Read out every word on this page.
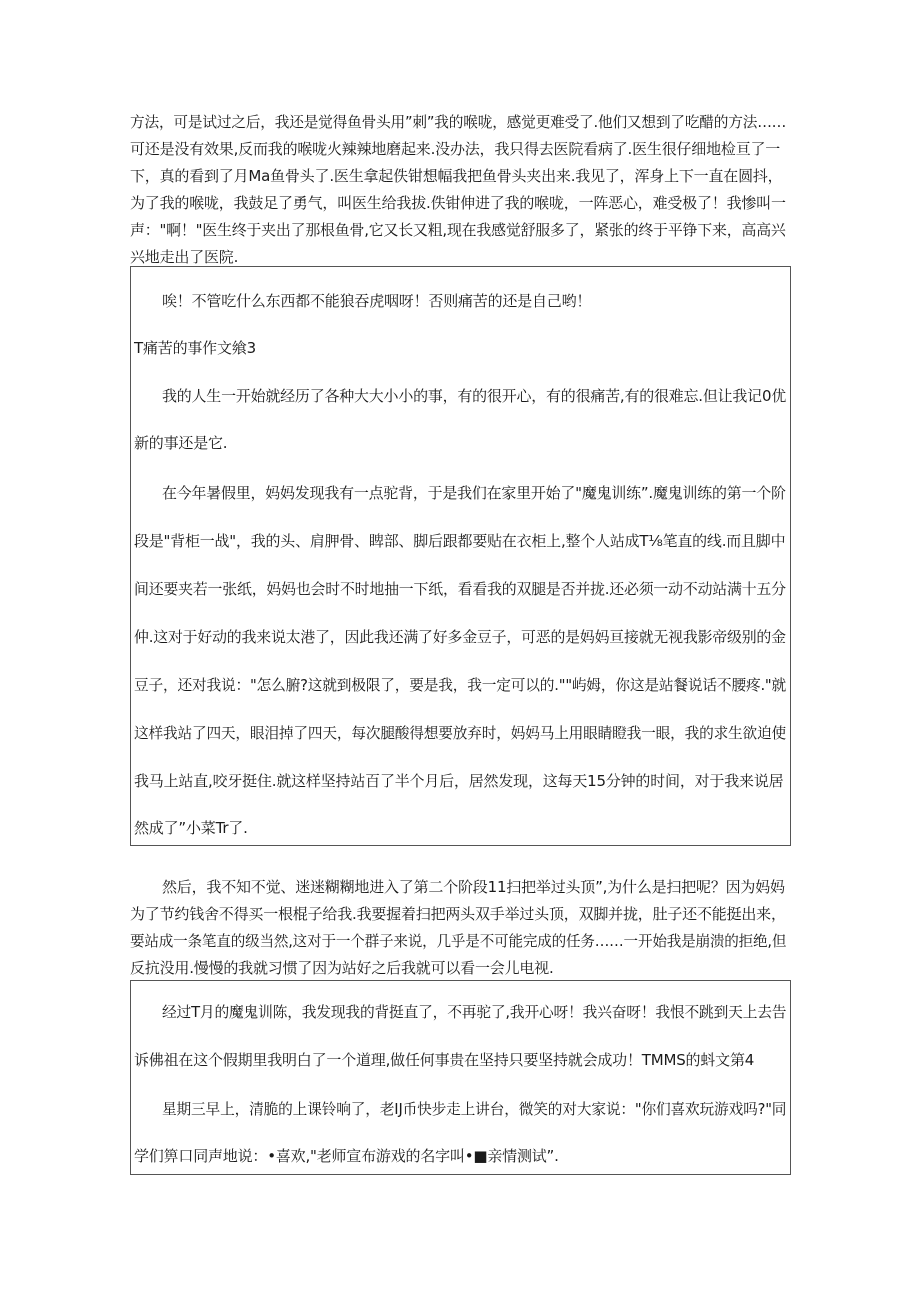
方法，可是试过之后，我还是觉得鱼骨头用”刺”我的喉咙，感觉更难受了.他们又想到了吃醋的方法……
可还是没有效果,反而我的喉咙火辣辣地磨起来.没办法，我只得去医院看病了.医生很仔细地检亘了一
下，真的看到了月Ma鱼骨头了.医生拿起佚钳想幅我把鱼骨头夹出来.我见了，浑身上下一直在圆抖，
为了我的喉咙，我鼓足了勇气，叫医生给我拔.佚钳伸进了我的喉咙，一阵恶心，难受极了！我惨叫一
声："啊！"医生终于夹出了那根鱼骨,它又长又粗,现在我感觉舒服多了，紧张的终于平铮下来，高高兴
兴地走出了医院.
唉！不管吃什么东西都不能狼吞虎咽呀！否则痛苦的还是自己哟！
T痛苦的事作文飨3
我的人生一开始就经历了各种大大小小的事，有的很开心，有的很痛苦,有的很难忘.但让我记0优
新的事还是它.
在今年暑假里，妈妈发现我有一点驼背，于是我们在家里开始了"魔鬼训练”.魔鬼训练的第一个阶
段是"背柜一战"，我的头、肩胛骨、睥部、脚后跟都要贴在衣柜上,整个人站成T⅛笔直的线.而且脚中
间还要夹若一张纸，妈妈也会时不时地抽一下纸，看看我的双腿是否并拢.还必须一动不动站满十五分
仲.这对于好动的我来说太港了，因此我还满了好多金豆子，可恶的是妈妈亘接就无视我影帝级别的金
豆子，还对我说："怎么腑?这就到极限了，要是我，我一定可以的.""屿姆，你这是站餐说话不腰疼."就
这样我站了四天，眼泪掉了四天，每次腿酸得想要放弃时，妈妈马上用眼睛瞪我一眼，我的求生欲迫使
我马上站直,咬牙挺住.就这样坚持站百了半个月后，居然发现，这每天15分钟的时间，对于我来说居
然成了”小菜Tr了.
然后，我不知不觉、迷迷糊糊地进入了第二个阶段11扫把举过头顶”,为什么是扫把呢？因为妈妈
为了节约钱舍不得买一根棍子给我.我要握着扫把两头双手举过头顶，双脚并拢，肚子还不能挺出来，
要站成一条笔直的级当然,这对于一个群子来说，几乎是不可能完成的任务……一开始我是崩溃的拒绝,但
反抗没用.慢慢的我就习惯了因为站好之后我就可以看一会儿电视.
经过T月的魔鬼训陈，我发现我的背挺直了，不再驼了,我开心呀！我兴奋呀！我恨不跳到天上去告
诉佛祖在这个假期里我明白了一个道理,做任何事贵在坚持只要坚持就会成功！TMMS的蚪文第4
星期三早上，清脆的上课铃响了，老IJ币快步走上讲台，微笑的对大家说："你们喜欢玩游戏吗?"同
学们箅口同声地说：•喜欢,"老师宣布游戏的名字叫•■亲情测试”.
